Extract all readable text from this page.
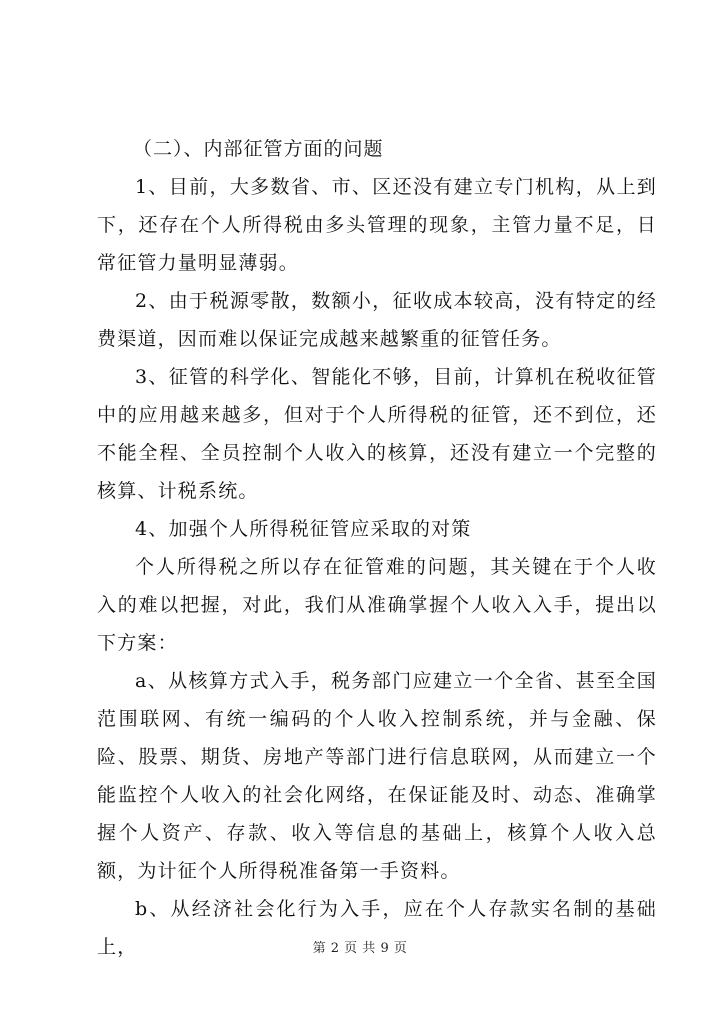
（二）、内部征管方面的问题

1、目前，大多数省、市、区还没有建立专门机构，从上到下，还存在个人所得税由多头管理的现象，主管力量不足，日常征管力量明显薄弱。

2、由于税源零散，数额小，征收成本较高，没有特定的经费渠道，因而难以保证完成越来越繁重的征管任务。

3、征管的科学化、智能化不够，目前，计算机在税收征管中的应用越来越多，但对于个人所得税的征管，还不到位，还不能全程、全员控制个人收入的核算，还没有建立一个完整的核算、计税系统。

4、加强个人所得税征管应采取的对策

个人所得税之所以存在征管难的问题，其关键在于个人收入的难以把握，对此，我们从准确掌握个人收入入手，提出以下方案：

a、从核算方式入手，税务部门应建立一个全省、甚至全国范围联网、有统一编码的个人收入控制系统，并与金融、保险、股票、期货、房地产等部门进行信息联网，从而建立一个能监控个人收入的社会化网络，在保证能及时、动态、准确掌握个人资产、存款、收入等信息的基础上，核算个人收入总额，为计征个人所得税准备第一手资料。

b、从经济社会化行为入手，应在个人存款实名制的基础上，	第 2 页 共 9 页
